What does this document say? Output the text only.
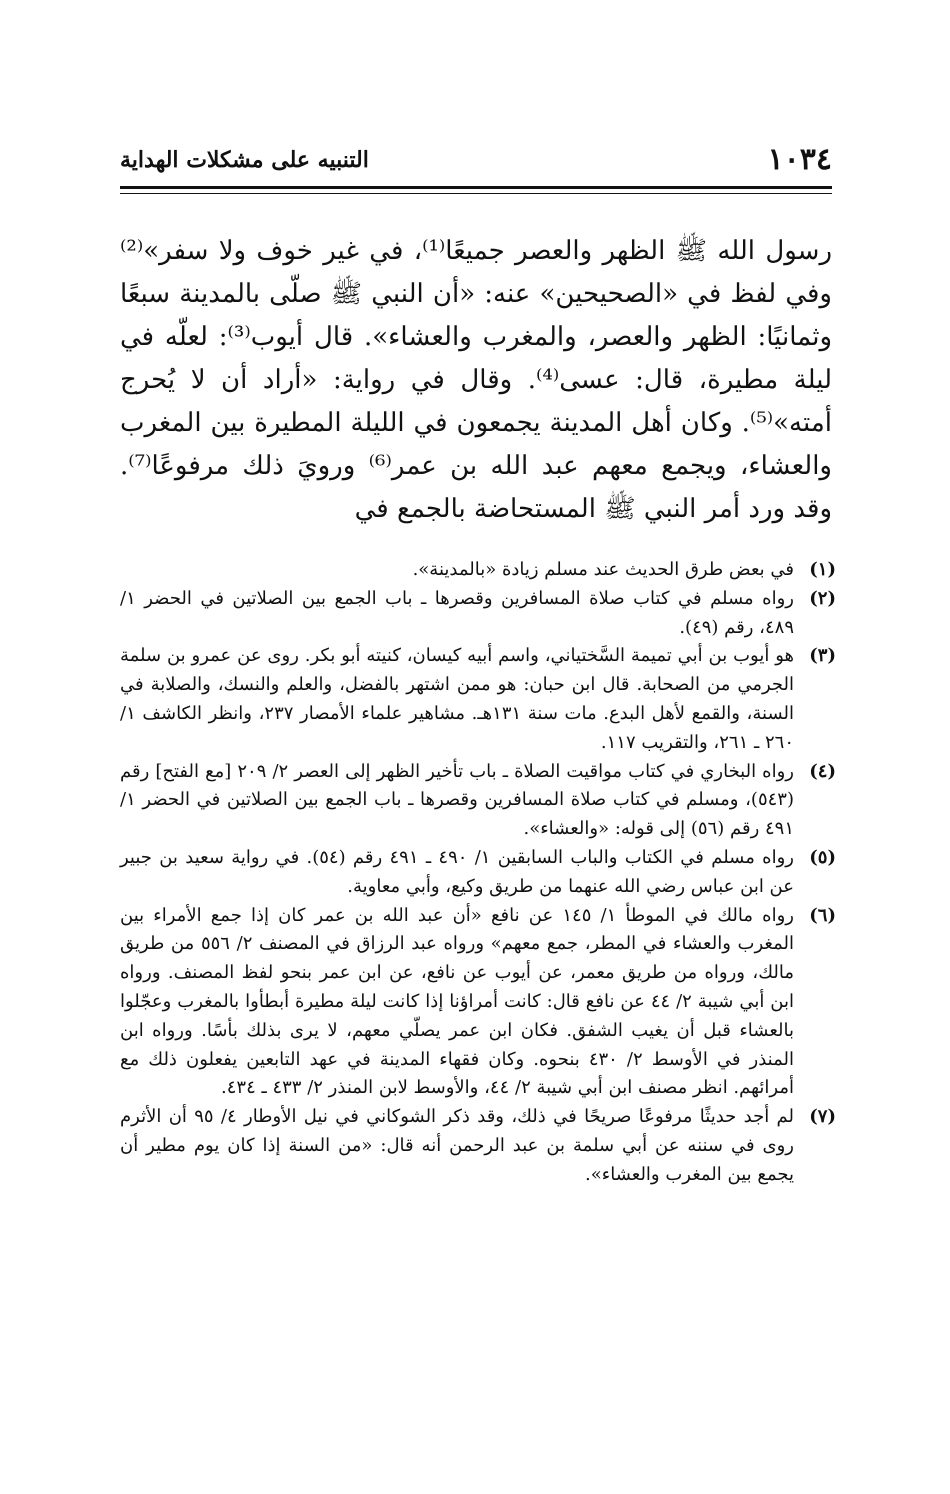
١٠٣٤
التنبيه على مشكلات الهداية

رسول الله ﷺ الظهر والعصر جميعًا⁽¹⁾، في غير خوف ولا سفر»⁽²⁾ وفي لفظ في «الصحيحين» عنه: «أن النبي ﷺ صلّى بالمدينة سبعًا وثمانيًا: الظهر والعصر، والمغرب والعشاء». قال أيوب⁽³⁾: لعلّه في ليلة مطيرة، قال: عسى⁽⁴⁾. وقال في رواية: «أراد أن لا يُحرج أمته»⁽⁵⁾. وكان أهل المدينة يجمعون في الليلة المطيرة بين المغرب والعشاء، ويجمع معهم عبد الله بن عمر⁽⁶⁾ ورويَ ذلك مرفوعًا⁽⁷⁾. وقد ورد أمر النبي ﷺ المستحاضة بالجمع في

(١)
في بعض طرق الحديث عند مسلم زيادة «بالمدينة».
(٢)
رواه مسلم في كتاب صلاة المسافرين وقصرها ـ باب الجمع بين الصلاتين في الحضر ١/ ٤٨٩، رقم (٤٩).
(٣)
هو أيوب بن أبي تميمة السَّختياني، واسم أبيه كيسان، كنيته أبو بكر. روى عن عمرو بن سلمة الجرمي من الصحابة. قال ابن حبان: هو ممن اشتهر بالفضل، والعلم والنسك، والصلابة في السنة، والقمع لأهل البدع. مات سنة ١٣١هـ. مشاهير علماء الأمصار ٢٣٧، وانظر الكاشف ١/ ٢٦٠ ـ ٢٦١، والتقريب ١١٧.
(٤)
رواه البخاري في كتاب مواقيت الصلاة ـ باب تأخير الظهر إلى العصر ٢/ ٢٠٩ [مع الفتح] رقم (٥٤٣)، ومسلم في كتاب صلاة المسافرين وقصرها ـ باب الجمع بين الصلاتين في الحضر ١/ ٤٩١ رقم (٥٦) إلى قوله: «والعشاء».
(٥)
رواه مسلم في الكتاب والباب السابقين ١/ ٤٩٠ ـ ٤٩١ رقم (٥٤). في رواية سعيد بن جبير عن ابن عباس رضي الله عنهما من طريق وكيع، وأبي معاوية.
(٦)
رواه مالك في الموطأ ١/ ١٤٥ عن نافع «أن عبد الله بن عمر كان إذا جمع الأمراء بين المغرب والعشاء في المطر، جمع معهم» ورواه عبد الرزاق في المصنف ٢/ ٥٥٦ من طريق مالك، ورواه من طريق معمر، عن أيوب عن نافع، عن ابن عمر بنحو لفظ المصنف. ورواه ابن أبي شيبة ٢/ ٤٤ عن نافع قال: كانت أمراؤنا إذا كانت ليلة مطيرة أبطأوا بالمغرب وعجّلوا بالعشاء قبل أن يغيب الشفق. فكان ابن عمر يصلّي معهم، لا يرى بذلك بأسًا. ورواه ابن المنذر في الأوسط ٢/ ٤٣٠ بنحوه. وكان فقهاء المدينة في عهد التابعين يفعلون ذلك مع أمرائهم. انظر مصنف ابن أبي شيبة ٢/ ٤٤، والأوسط لابن المنذر ٢/ ٤٣٣ ـ ٤٣٤.
(٧)
لم أجد حديثًا مرفوعًا صريحًا في ذلك، وقد ذكر الشوكاني في نيل الأوطار ٤/ ٩٥ أن الأثرم روى في سننه عن أبي سلمة بن عبد الرحمن أنه قال: «من السنة إذا كان يوم مطير أن يجمع بين المغرب والعشاء».
